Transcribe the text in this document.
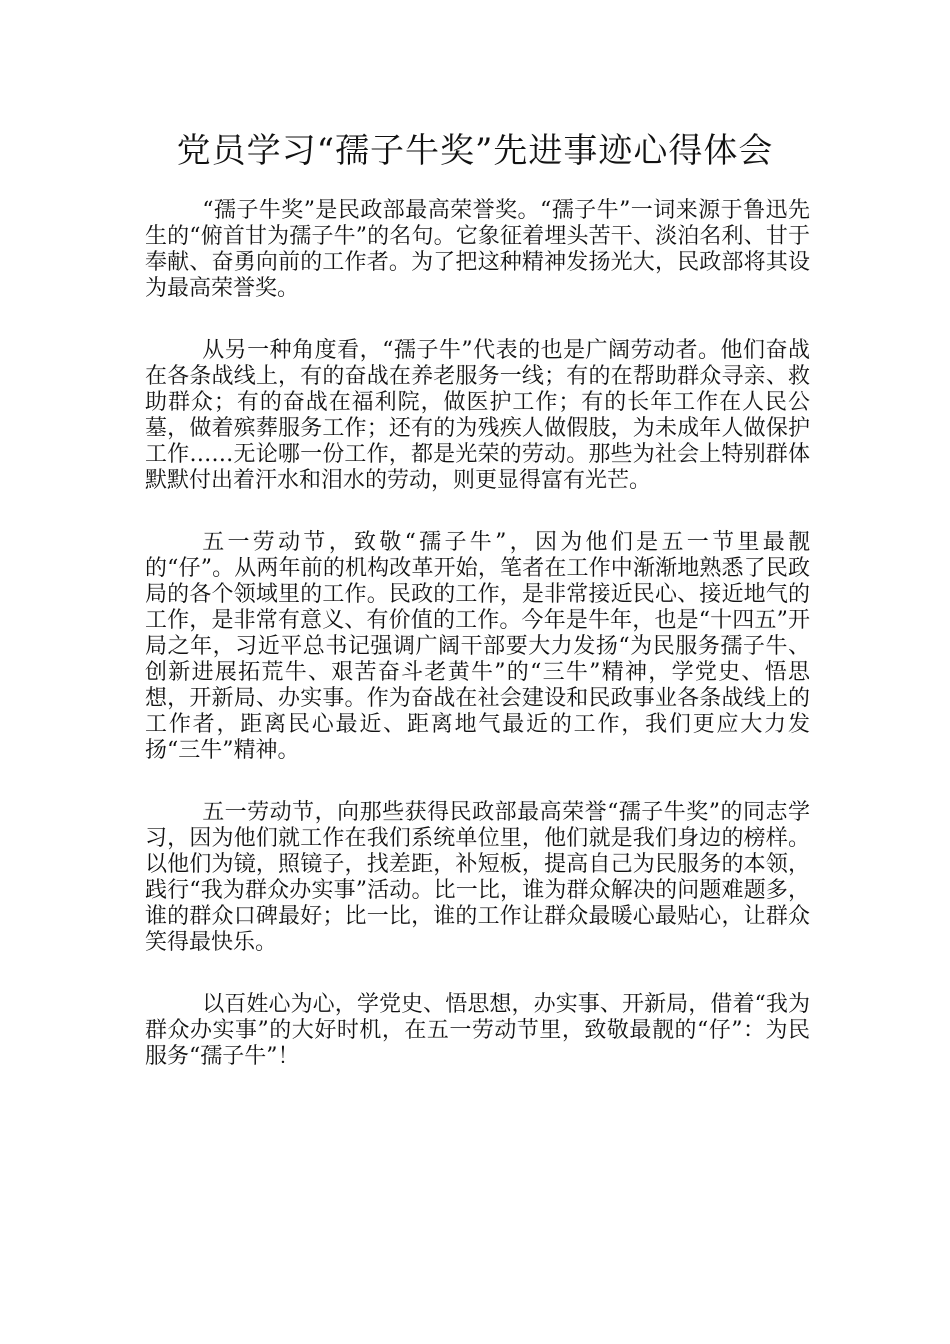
党员学习“孺子牛奖”先进事迹心得体会

“孺子牛奖”是民政部最高荣誉奖。“孺子牛”一词来源于鲁迅先生的“俯首甘为孺子牛”的名句。它象征着埋头苦干、淡泊名利、甘于奉献、奋勇向前的工作者。为了把这种精神发扬光大，民政部将其设为最高荣誉奖。

从另一种角度看，“孺子牛”代表的也是广阔劳动者。他们奋战在各条战线上，有的奋战在养老服务一线；有的在帮助群众寻亲、救助群众；有的奋战在福利院，做医护工作；有的长年工作在人民公墓，做着殡葬服务工作；还有的为残疾人做假肢，为未成年人做保护工作……无论哪一份工作，都是光荣的劳动。那些为社会上特别群体默默付出着汗水和泪水的劳动，则更显得富有光芒。

五一劳动节，致敬“孺子牛”，因为他们是五一节里最靓的“仔”。从两年前的机构改革开始，笔者在工作中渐渐地熟悉了民政局的各个领域里的工作。民政的工作，是非常接近民心、接近地气的工作，是非常有意义、有价值的工作。今年是牛年，也是“十四五”开局之年，习近平总书记强调广阔干部要大力发扬“为民服务孺子牛、创新进展拓荒牛、艰苦奋斗老黄牛”的“三牛”精神，学党史、悟思想，开新局、办实事。作为奋战在社会建设和民政事业各条战线上的工作者，距离民心最近、距离地气最近的工作，我们更应大力发扬“三牛”精神。

五一劳动节，向那些获得民政部最高荣誉“孺子牛奖”的同志学习，因为他们就工作在我们系统单位里，他们就是我们身边的榜样。以他们为镜，照镜子，找差距，补短板，提高自己为民服务的本领，践行“我为群众办实事”活动。比一比，谁为群众解决的问题难题多，谁的群众口碑最好；比一比，谁的工作让群众最暖心最贴心，让群众笑得最快乐。

以百姓心为心，学党史、悟思想，办实事、开新局，借着“我为群众办实事”的大好时机，在五一劳动节里，致敬最靓的“仔”：为民服务“孺子牛”！
